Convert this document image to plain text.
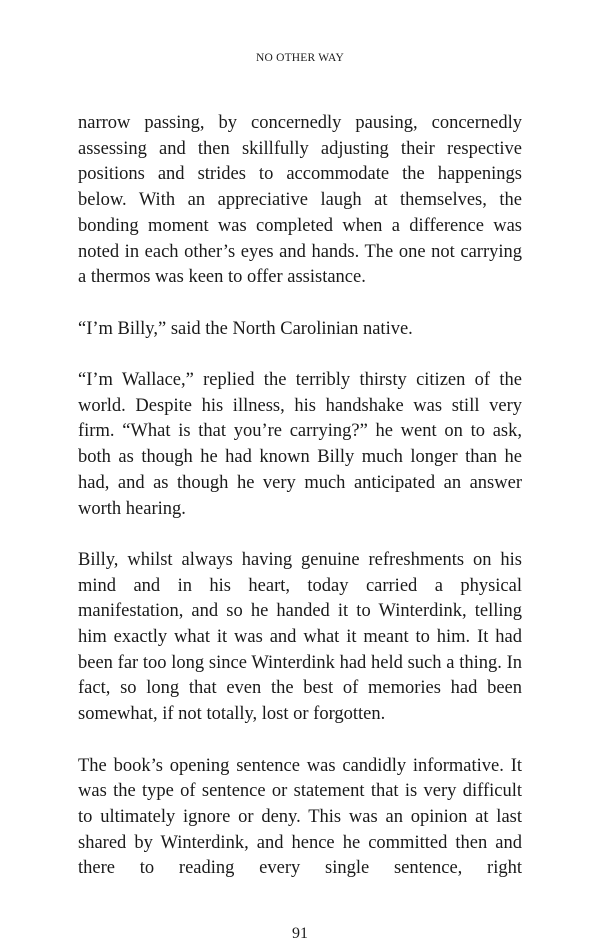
NO OTHER WAY

narrow passing, by concernedly pausing, concernedly assessing and then skillfully adjusting their respective positions and strides to accommodate the happenings below. With an appreciative laugh at themselves, the bonding moment was completed when a difference was noted in each other’s eyes and hands. The one not carrying a thermos was keen to offer assistance.

“I’m Billy,” said the North Carolinian native.

“I’m Wallace,” replied the terribly thirsty citizen of the world. Despite his illness, his handshake was still very firm. “What is that you’re carrying?” he went on to ask, both as though he had known Billy much longer than he had, and as though he very much anticipated an answer worth hearing.

Billy, whilst always having genuine refreshments on his mind and in his heart, today carried a physical manifestation, and so he handed it to Winterdink, telling him exactly what it was and what it meant to him. It had been far too long since Winterdink had held such a thing. In fact, so long that even the best of memories had been somewhat, if not totally, lost or forgotten.

The book’s opening sentence was candidly informative. It was the type of sentence or statement that is very difficult to ultimately ignore or deny. This was an opinion at last shared by Winterdink, and hence he committed then and there to reading every single sentence, right

91
